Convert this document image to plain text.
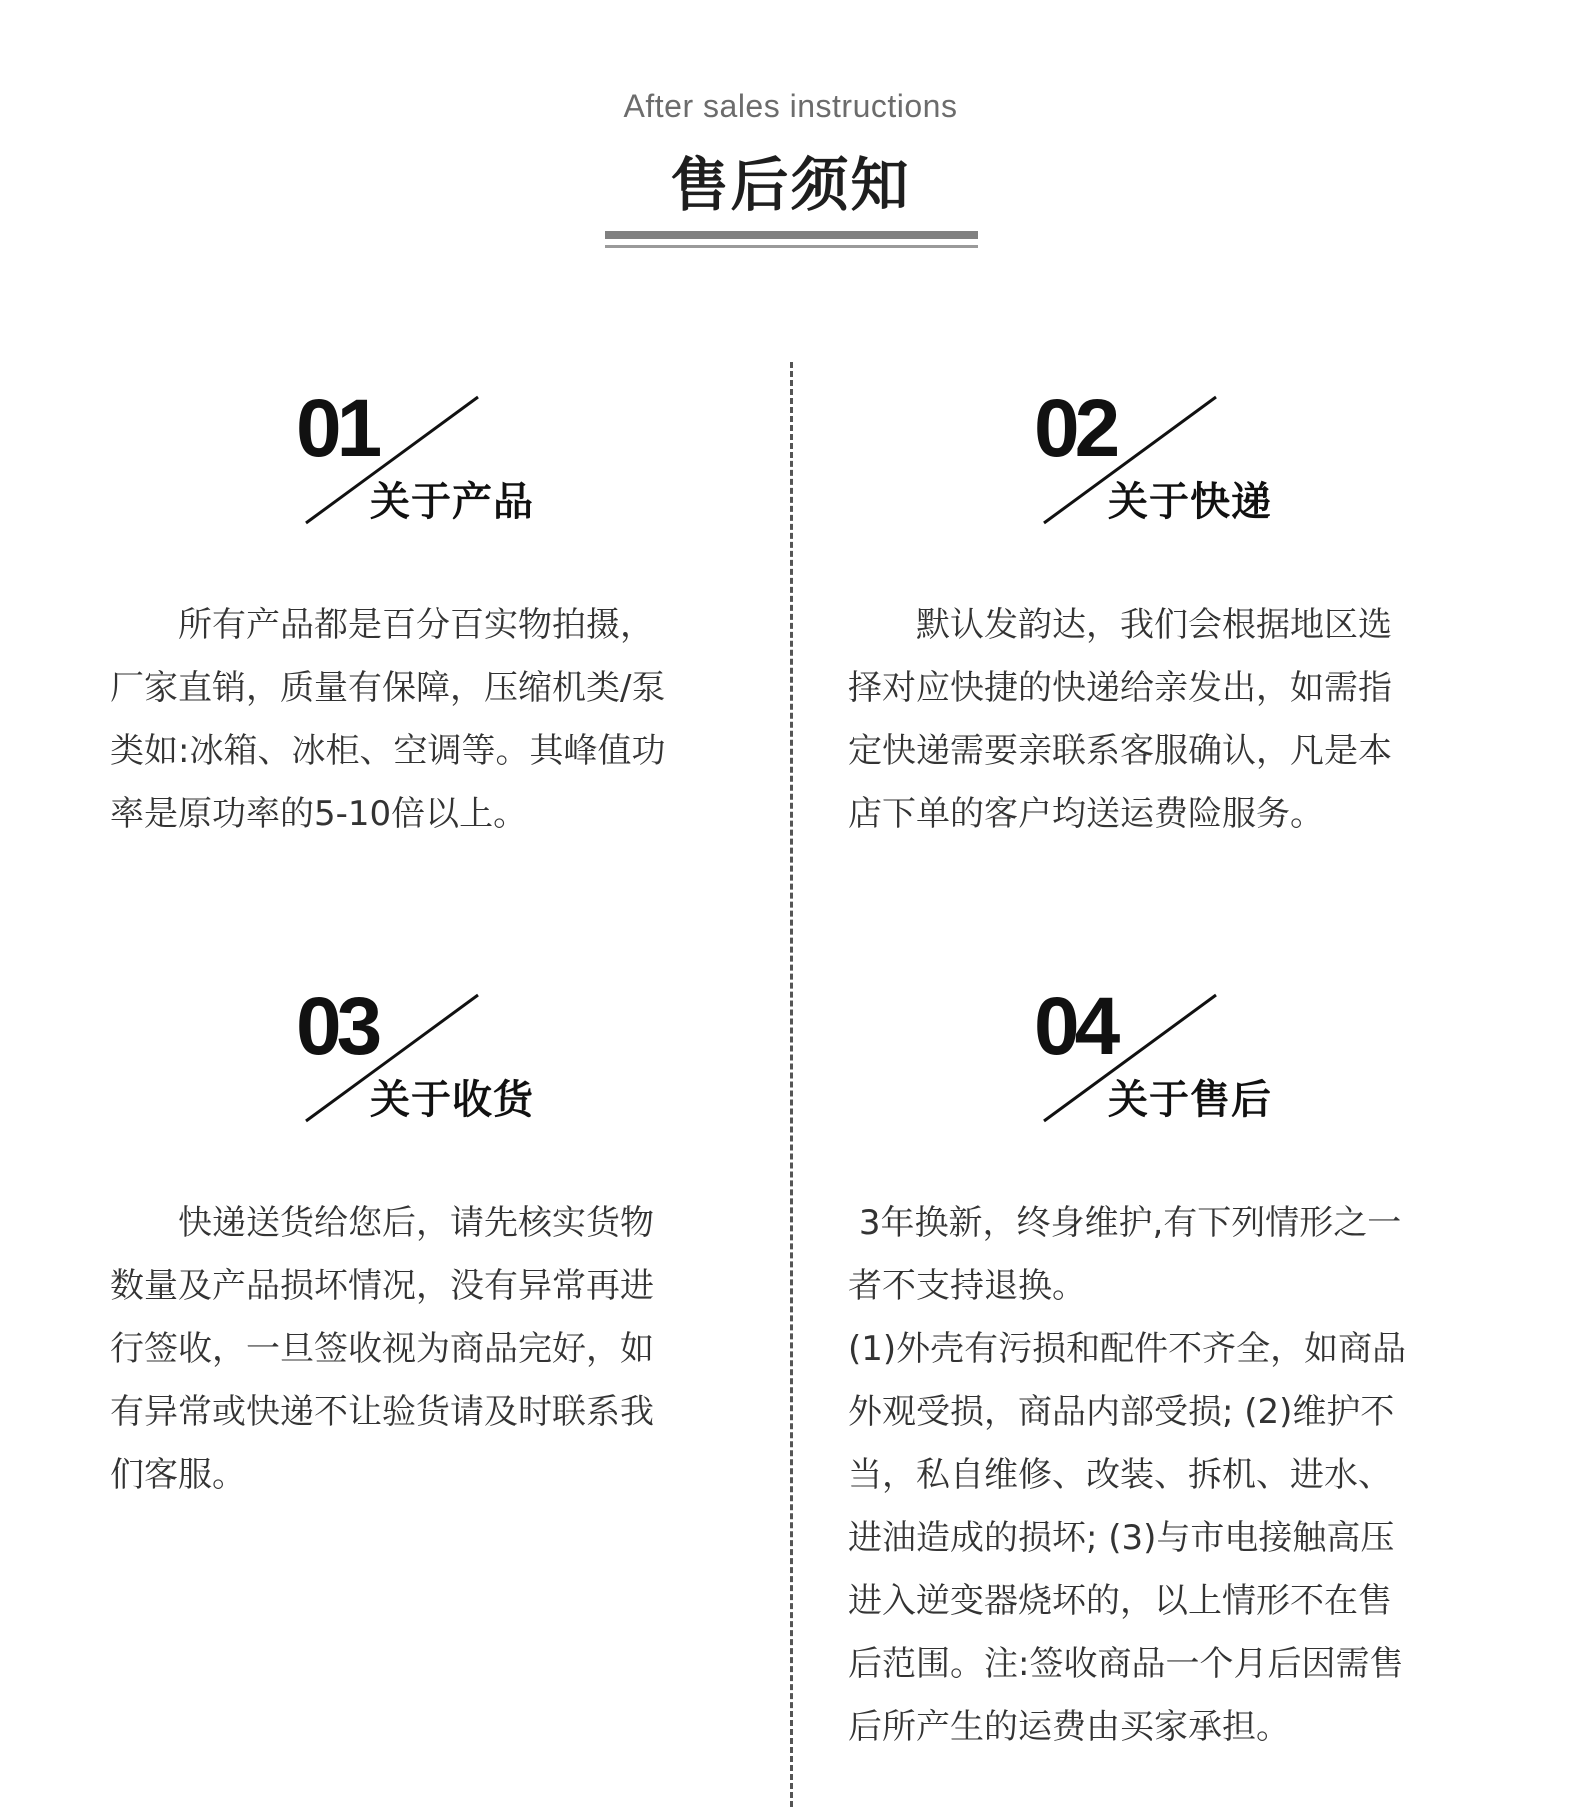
After sales instructions
售后须知
01
关于产品

　　所有产品都是百分百实物拍摄，
厂家直销，质量有保障，压缩机类/泵
类如:冰箱、冰柜、空调等。其峰值功
率是原功率的5-10倍以上。

02
关于快递

　　默认发韵达，我们会根据地区选
择对应快捷的快递给亲发出，如需指
定快递需要亲联系客服确认，凡是本
店下单的客户均送运费险服务。

03
关于收货

　　快递送货给您后，请先核实货物
数量及产品损坏情况，没有异常再进
行签收，一旦签收视为商品完好，如
有异常或快递不让验货请及时联系我
们客服。

04
关于售后

3年换新，终身维护,有下列情形之一
者不支持退换。
(1)外壳有污损和配件不齐全，如商品
外观受损，商品内部受损; (2)维护不
当，私自维修、改装、拆机、进水、
进油造成的损坏; (3)与市电接触高压
进入逆变器烧坏的，以上情形不在售
后范围。注:签收商品一个月后因需售
后所产生的运费由买家承担。
